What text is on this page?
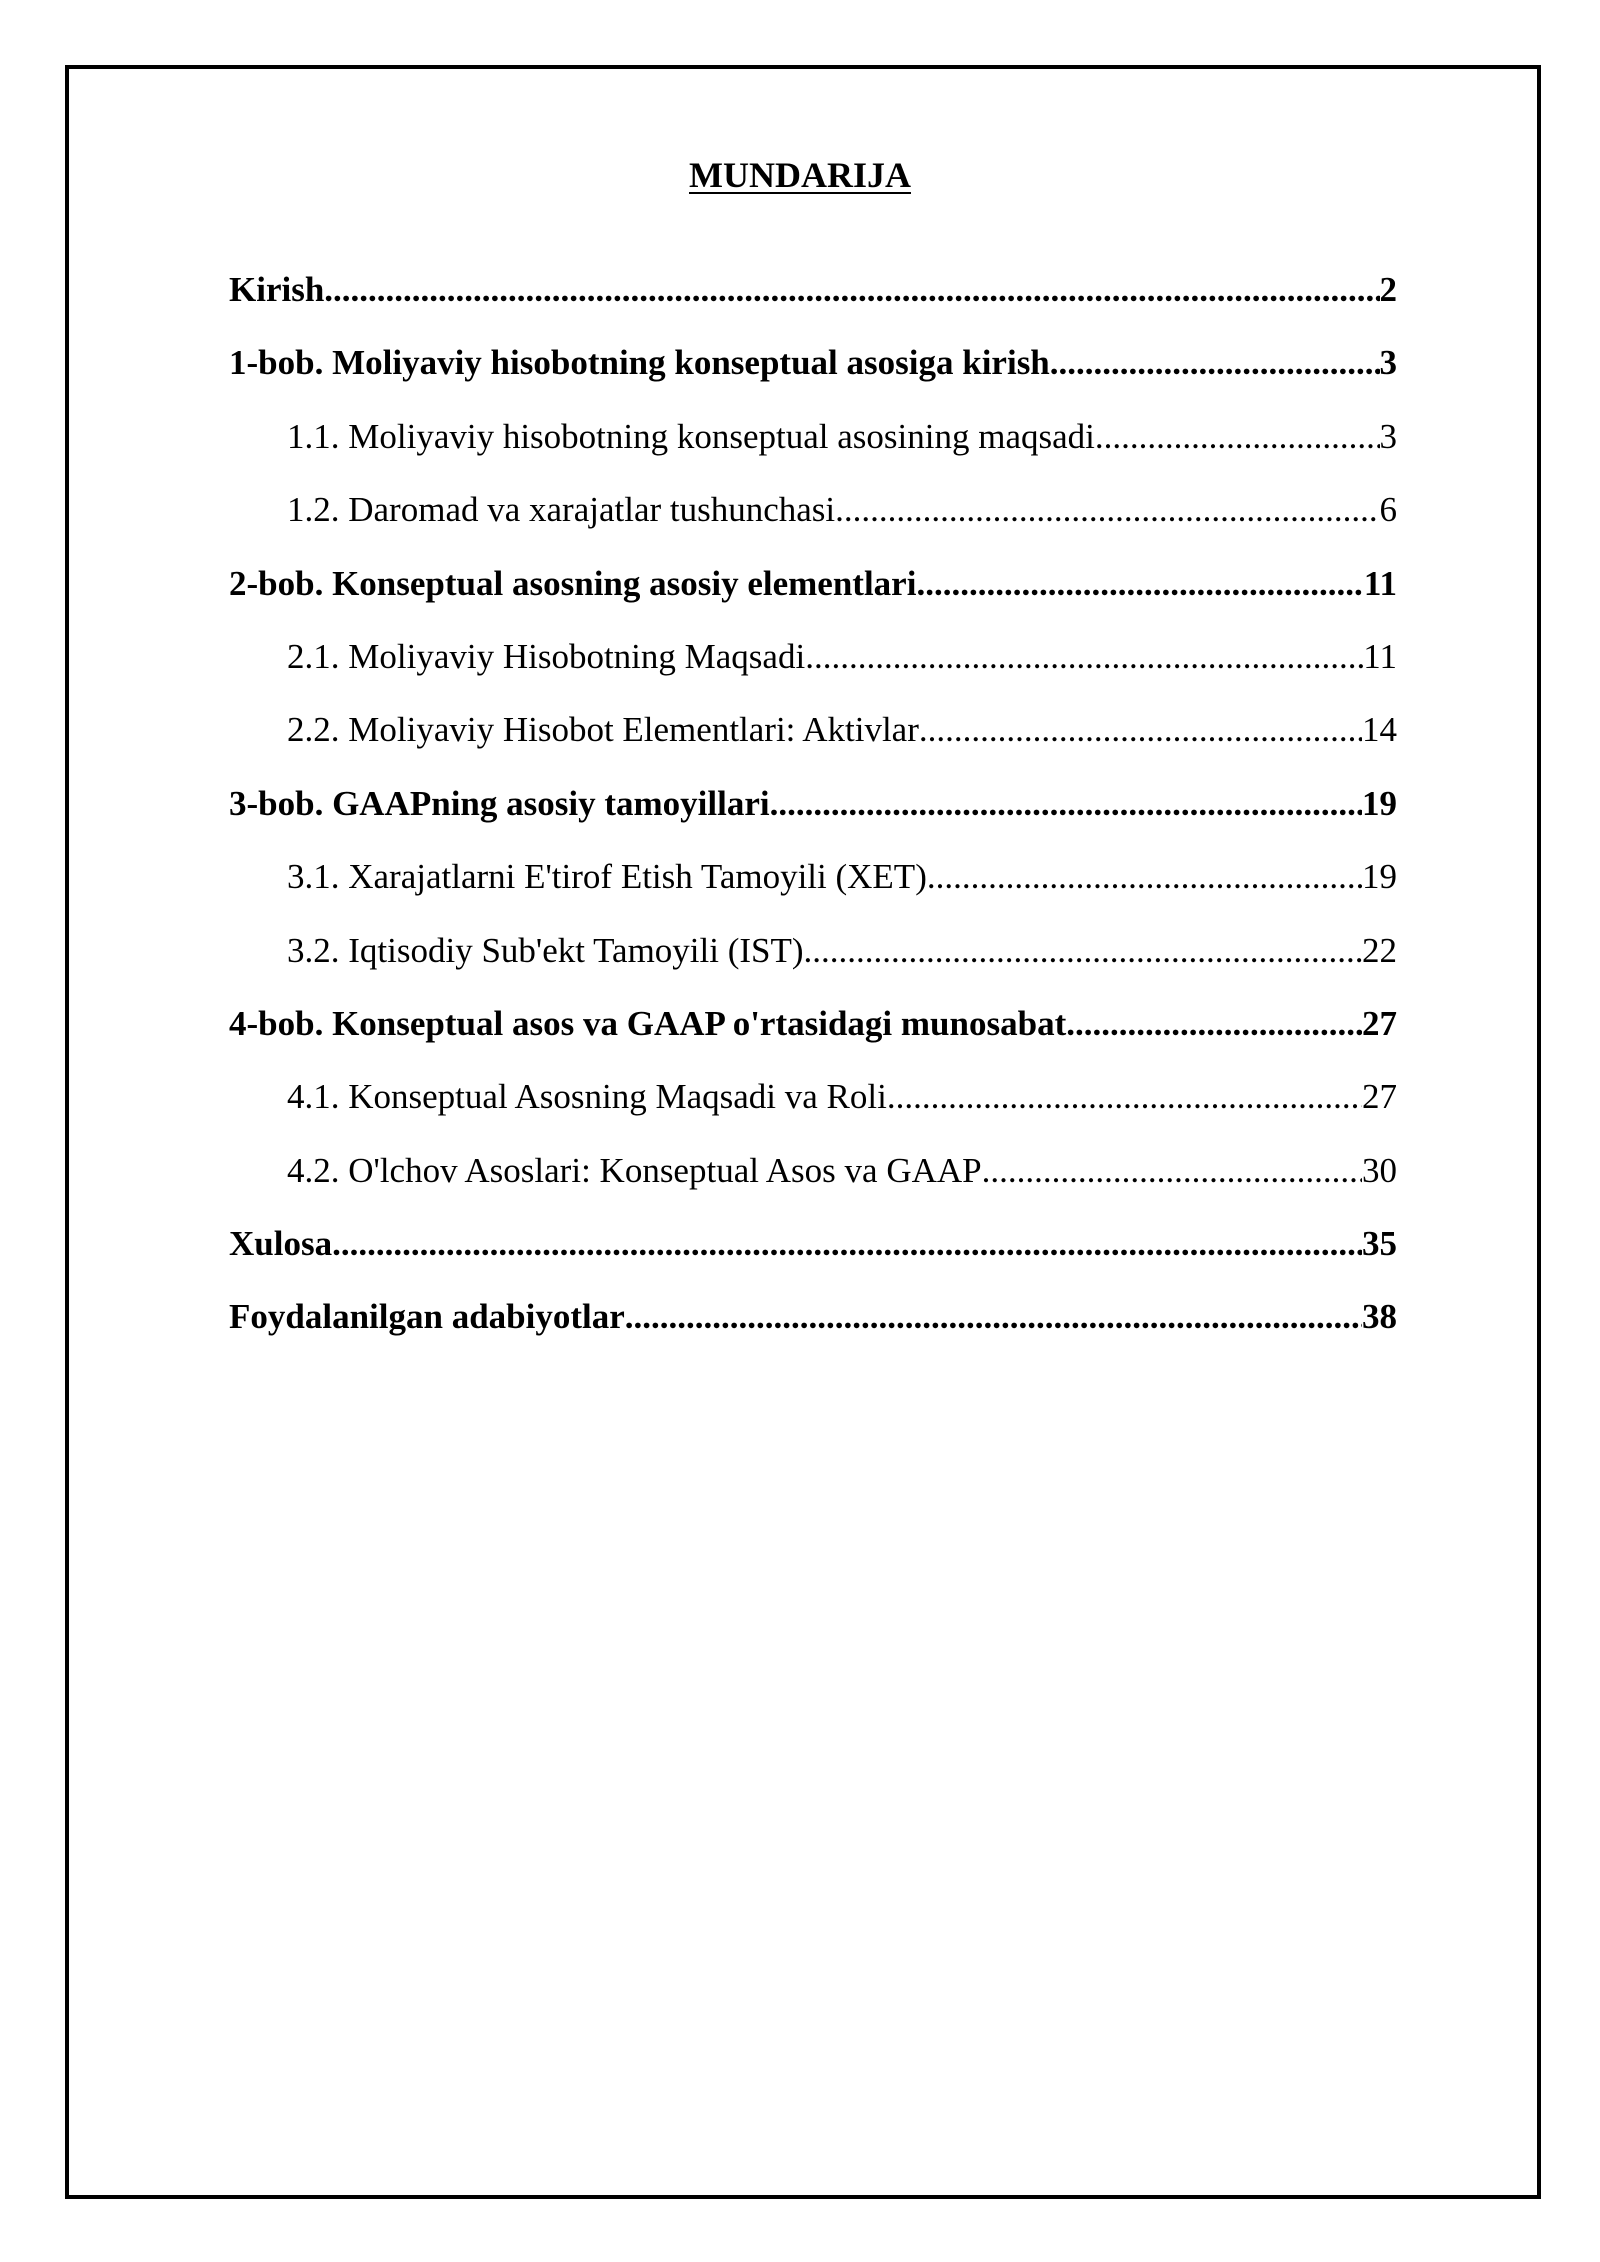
MUNDARIJA
Kirish .....	2
1-bob. Moliyaviy hisobotning konseptual asosiga kirish .....	3
1.1. Moliyaviy hisobotning konseptual asosining maqsadi .....	3
1.2. Daromad va xarajatlar tushunchasi .....	6
2-bob. Konseptual asosning asosiy elementlari .....	11
2.1. Moliyaviy Hisobotning Maqsadi .....	11
2.2. Moliyaviy Hisobot Elementlari: Aktivlar .....	14
3-bob. GAAPning asosiy tamoyillari .....	19
3.1. Xarajatlarni E'tirof Etish Tamoyili (XET) .....	19
3.2. Iqtisodiy Sub'ekt Tamoyili (IST) .....	22
4-bob. Konseptual asos va GAAP o'rtasidagi munosabat .....	27
4.1. Konseptual Asosning Maqsadi va Roli .....	27
4.2. O'lchov Asoslari: Konseptual Asos va GAAP .....	30
Xulosa .....	35
Foydalanilgan adabiyotlar .....	38
